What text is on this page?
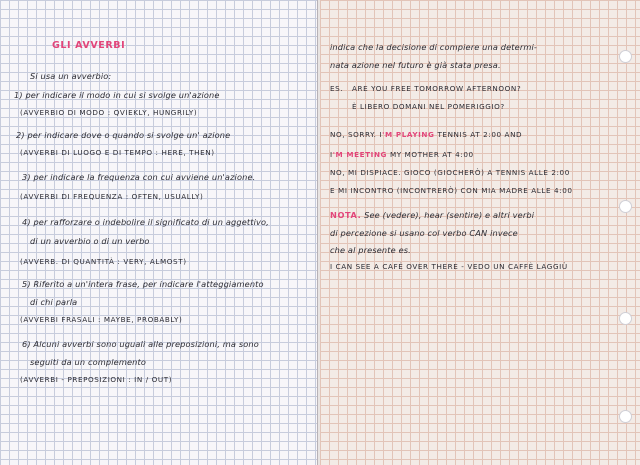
GLI AVVERBI
Si usa un avverbio:
1) per indicare il modo in cui si svolge un'azione
(AVVERBIO DI MODO : QVIEKLY, HUNGRILY)
2) per indicare dove o quando si svolge un' azione
(AVVERBI DI LUOGO E DI TEMPO : HERE, THEN)
3) per indicare la frequenza con cui avviene un'azione.
(AVVERBI DI FREQUENZA : OFTEN, USUALLY)
4) per rafforzare o indebolire il significato di un aggettivo,
di un avverbio o di un verbo
(AVVERB. DI QUANTITÀ : VERY, ALMOST)
5) Riferito a un'intera frase, per indicare l'atteggiamento
di chi parla
(AVVERBI FRASALI : MAYBE, PROBABLY)
6) Alcuni avverbi sono uguali alle preposizioni, ma sono
seguiti da un complemento
(AVVERBI - PREPOSIZIONI : IN / OUT)
indica che la decisione di compiere una determi-
nata azione nel futuro è già stata presa.
ES. ARE YOU FREE TOMORROW AFTERNOON?
È LIBERO DOMANI NEL POMERIGGIO?
NO, SORRY. I'M PLAYING TENNIS AT 2:00 AND
I'M MEETING MY MOTHER AT 4:00
NO, MI DISPIACE. GIOCO (GIOCHERÒ) A TENNIS ALLE 2:00
E MI INCONTRO (INCONTRERÒ) CON MIA MADRE ALLE 4:00
NOTA. See (vedere), hear (sentire) e altri verbi
di percezione si usano col verbo CAN invece
che al presente es.
I CAN SEE A CAFÉ OVER THERE - VEDO UN CAFFÈ LAGGIÙ
